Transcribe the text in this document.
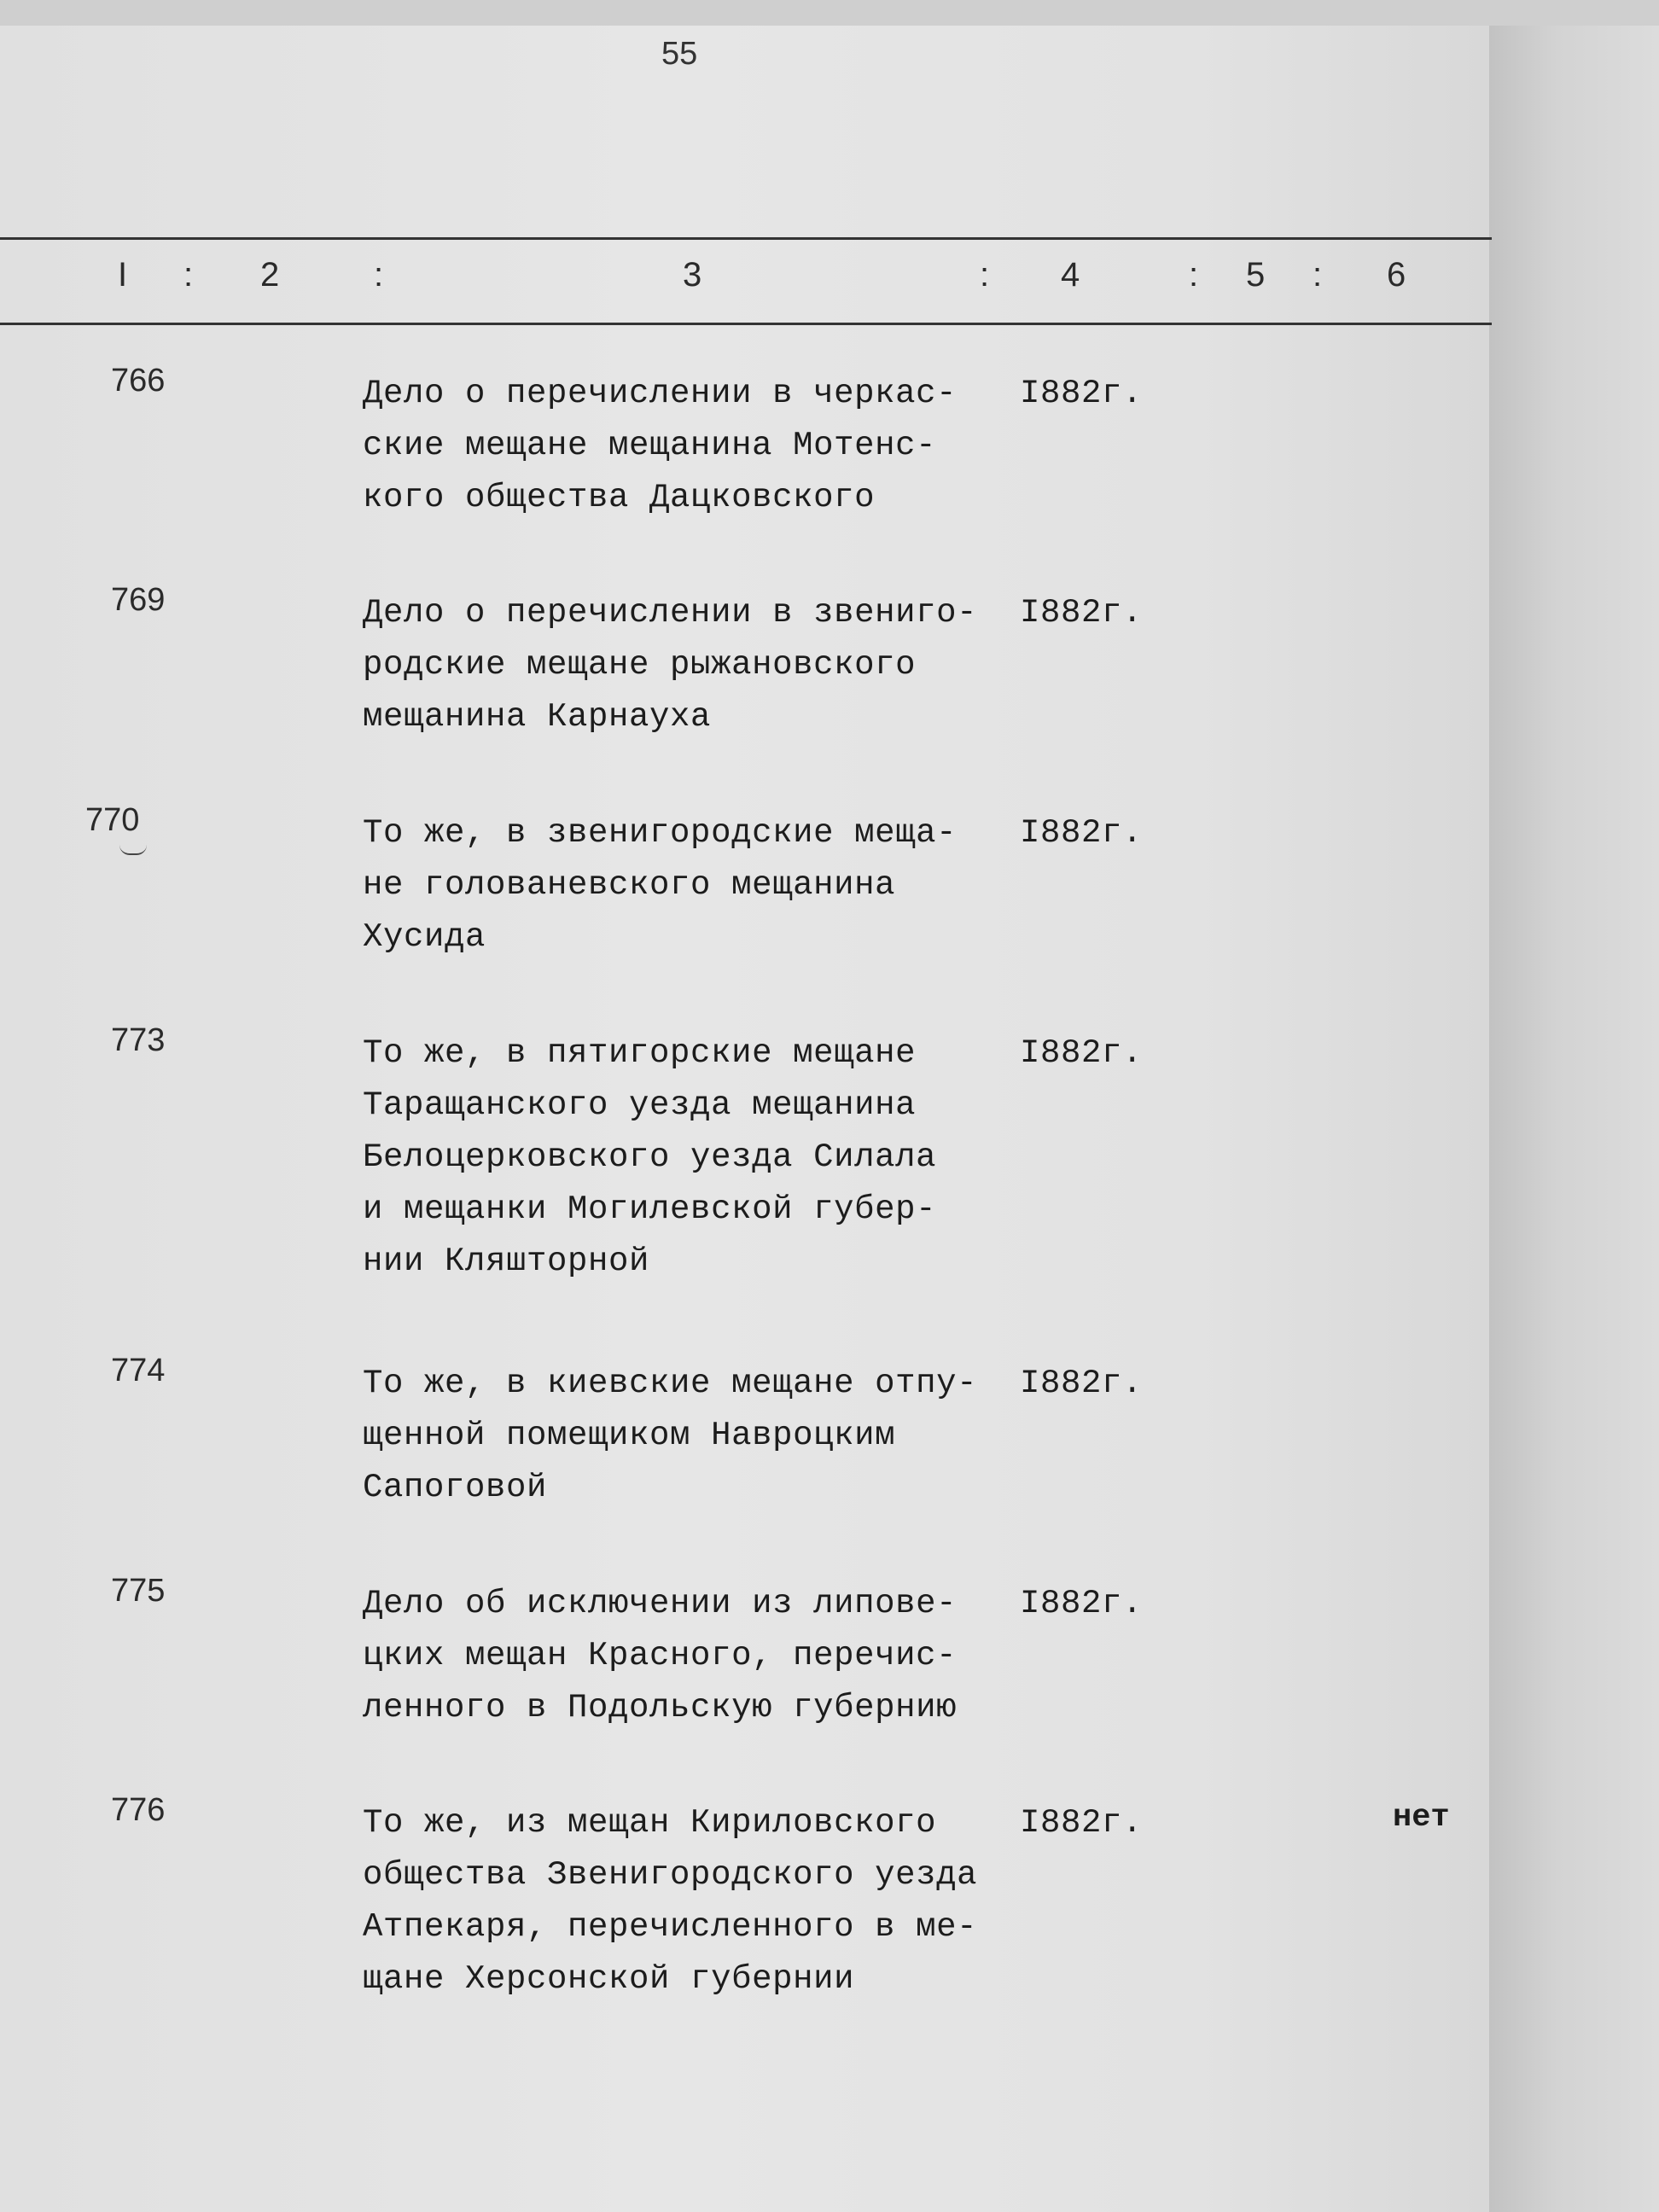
55
I : 2	:	3	: 4	: 5 : 6
766	Дело о перечислении в черкас-
ские мещане мещанина Мотенс-
кого общества Дацковского
I882г.
769	Дело о перечислении в звениго-
родские мещане рыжановского
мещанина Карнауха
I882г.
770	То же, в звенигородские меща-
не голованевского мещанина
Хусида
I882г.
773	То же, в пятигорские мещане
Таращанского уезда мещанина
Белоцерковского уезда Силала
и мещанки Могилевской губер-
нии Кляшторной
I882г.
774	То же, в киевские мещане отпу-
щенной помещиком Навроцким
Сапоговой
I882г.
775	Дело об исключении из липове-
цких мещан Красного, перечис-
ленного в Подольскую губернию
I882г.
776	То же, из мещан Кириловского
общества Звенигородского уезда
Атпекаря, перечисленного в ме-
щане Херсонской губернии
I882г.	нет
